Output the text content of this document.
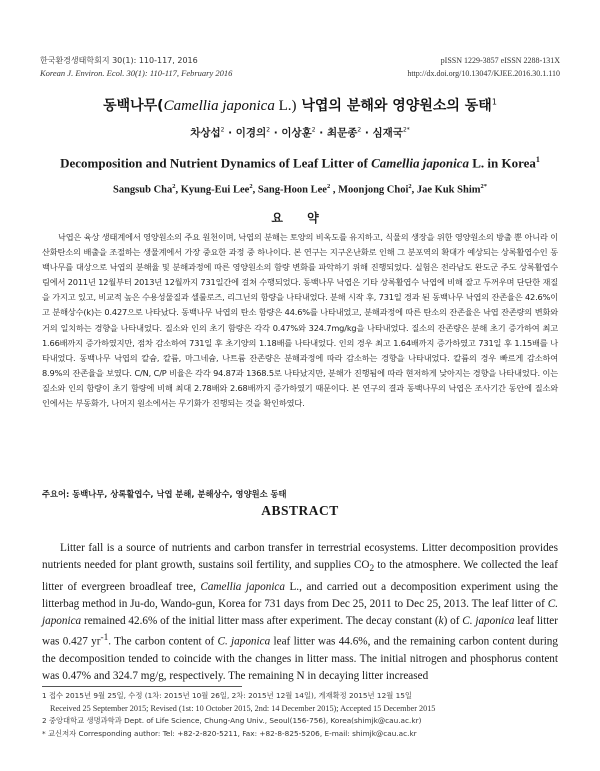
한국환경생태학회지 30(1): 110-117, 2016
Korean J. Environ. Ecol. 30(1): 110-117, February 2016
pISSN 1229-3857 eISSN 2288-131X
http://dx.doi.org/10.13047/KJEE.2016.30.1.110
동백나무(Camellia japonica L.) 낙엽의 분해와 영양원소의 동태$^1$
차상섭$^2$ · 이경의$^2$ · 이상훈$^2$ · 최문종$^2$ · 심재국$^{2*}$
Decomposition and Nutrient Dynamics of Leaf Litter of Camellia japonica L. in Korea$^1$
Sangsub Cha$^2$, Kyung-Eui Lee$^2$, Sang-Hoon Lee$^2$ , Moonjong Choi$^2$, Jae Kuk Shim$^{2*}$
요 약
낙엽은 육상 생태계에서 영양원소의 주요 원천이며, 낙엽의 분해는 토양의 비옥도를 유지하고, 식물의 생장을 위한 영양원소의 방출 뿐 아니라 이산화탄소의 배출을 조절하는 생물계에서 가장 중요한 과정 중 하나이다. 본 연구는 지구온난화로 인해 그 분포역의 확대가 예상되는 상록활엽수인 동백나무를 대상으로 낙엽의 분해율 및 분해과정에 따른 영양원소의 함량 변화를 파악하기 위해 진행되었다. 실험은 전라남도 완도군 주도 상록활엽수림에서 2011년 12월부터 2013년 12월까지 731일간에 걸쳐 수행되었다. 동백나무 낙엽은 기타 상록활엽수 낙엽에 비해 잘고 두꺼우며 단단한 재질을 가지고 있고, 비교적 높은 수용성물질과 셀룰로즈, 리그닌의 함량을 나타내었다. 분해 시작 후, 731일 경과 된 동백나무 낙엽의 잔존율은 42.6%이고 분해상수(k)는 0.427으로 나타났다. 동백나무 낙엽의 탄소 함량은 44.6%를 나타내었고, 분해과정에 따른 탄소의 잔존율은 낙엽 잔존량의 변화와 거의 일치하는 경향을 나타내었다. 질소와 인의 초기 함량은 각각 0.47%와 324.7mg/kg을 나타내었다. 질소의 잔존량은 분해 초기 증가하여 최고 1.66배까지 증가하였지만, 점차 감소하여 731일 후 초기양의 1.18배를 나타내었다. 인의 경우 최고 1.64배까지 증가하였고 731일 후 1.15배를 나타내었다. 동백나무 낙엽의 칼슘, 칼륨, 마그네슘, 나트륨 잔존량은 분해과정에 따라 감소하는 경향을 나타내었다. 칼륨의 경우 빠르게 감소하여 8.9%의 잔존율을 보였다. C/N, C/P 비율은 각각 94.87과 1368.5로 나타났지만, 분해가 진행됨에 따라 현저하게 낮아지는 경향을 나타내었다. 이는 질소와 인의 함량이 초기 함량에 비해 최대 2.78배와 2.68배까지 증가하였기 때문이다. 본 연구의 결과 동백나무의 낙엽은 조사기간 동안에 질소와 인에서는 부동화가, 나머지 원소에서는 무기화가 진행되는 것을 확인하였다.
주요어: 동백나무, 상록활엽수, 낙엽 분해, 분해상수, 영양원소 동태
ABSTRACT
Litter fall is a source of nutrients and carbon transfer in terrestrial ecosystems. Litter decomposition provides nutrients needed for plant growth, sustains soil fertility, and supplies $CO_2$ to the atmosphere. We collected the leaf litter of evergreen broadleaf tree, Camellia japonica L., and carried out a decomposition experiment using the litterbag method in Ju-do, Wando-gun, Korea for 731 days from Dec 25, 2011 to Dec 25, 2013. The leaf litter of C. japonica remained 42.6% of the initial litter mass after experiment. The decay constant (k) of C. japonica leaf litter was 0.427 $yr^{-1}$. The carbon content of C. japonica leaf litter was 44.6%, and the remaining carbon content during the decomposition tended to coincide with the changes in litter mass. The initial nitrogen and phosphorus content was 0.47% and 324.7 mg/g, respectively. The remaining N in decaying litter increased
1 접수 2015년 9월 25일, 수정 (1차: 2015년 10월 26일, 2차: 2015년 12월 14일), 게재확정 2015년 12월 15일
Received 25 September 2015; Revised (1st: 10 October 2015, 2nd: 14 December 2015); Accepted 15 December 2015
2 중앙대학교 생명과학과 Dept. of Life Science, Chung-Ang Univ., Seoul(156-756), Korea(shimjk@cau.ac.kr)
* 교신저자 Corresponding author: Tel: +82-2-820-5211, Fax: +82-8-825-5206, E-mail: shimjk@cau.ac.kr
